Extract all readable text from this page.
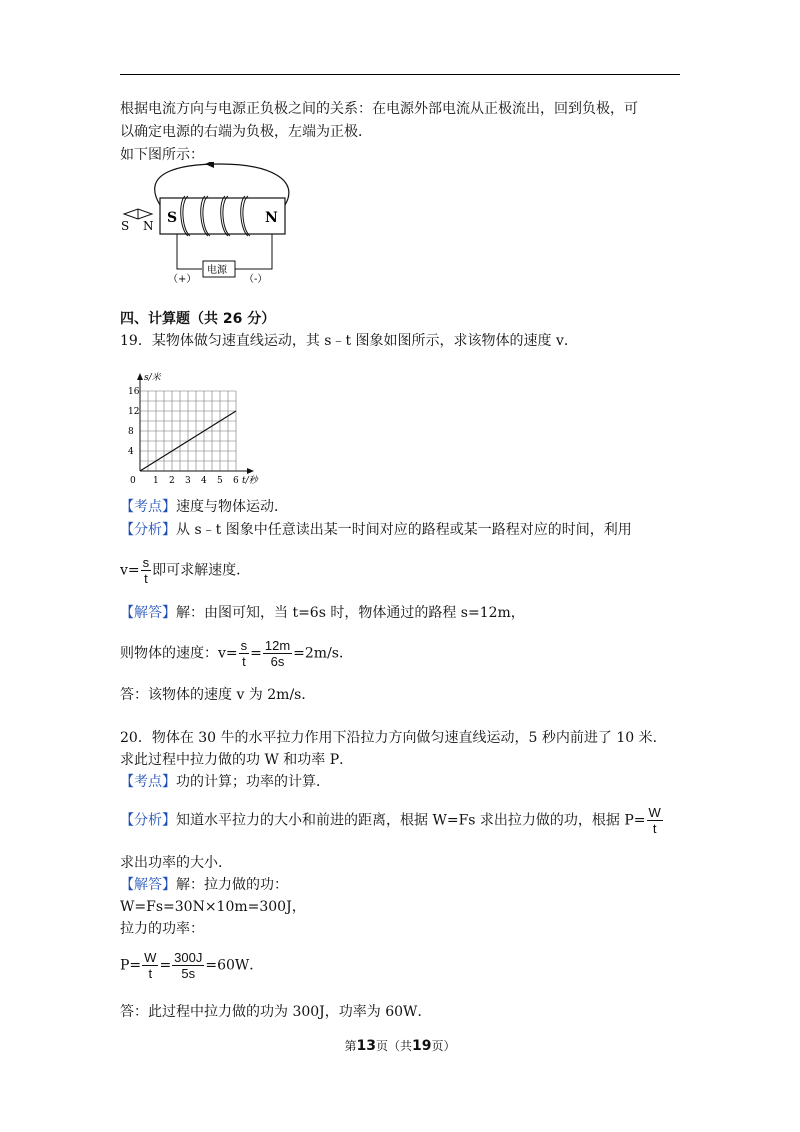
根据电流方向与电源正负极之间的关系：在电源外部电流从正极流出，回到负极，可
以确定电源的右端为负极，左端为正极．
如下图所示：
S	N
电源
（+）	（-）
S N
四、计算题（共 26 分）
19．某物体做匀速直线运动，其 s﹣t 图象如图所示，求该物体的速度 v．
0 1 2 3 4 5 6
4
8
12
16
t/秒
s/米
【考点】速度与物体运动．
【分析】从 s﹣t 图象中任意读出某一时间对应的路程或某一路程对应的时间，利用
$v= \frac{s}{t}$ 即可求解速度．
【解答】解：由图可知，当 t=6s 时，物体通过的路程 s=12m，
则物体的速度：$v= \frac{s}{t} = \frac{12m}{6s} =2m/s$．
答：该物体的速度 v 为 2m/s．
20．物体在 30 牛的水平拉力作用下沿拉力方向做匀速直线运动，5 秒内前进了 10 米．
求此过程中拉力做的功 W 和功率 P．
【考点】功的计算；功率的计算．
【分析】知道水平拉力的大小和前进的距离，根据 W=Fs 求出拉力做的功，根据 $P= \frac{W}{t}$
求出功率的大小．
【解答】解：拉力做的功：
W=Fs=30N×10m=300J，
拉力的功率：
$P= \frac{W}{t} = \frac{300J}{5s} =60W$．
答：此过程中拉力做的功为 300J，功率为 60W．
第13页（共19页）
